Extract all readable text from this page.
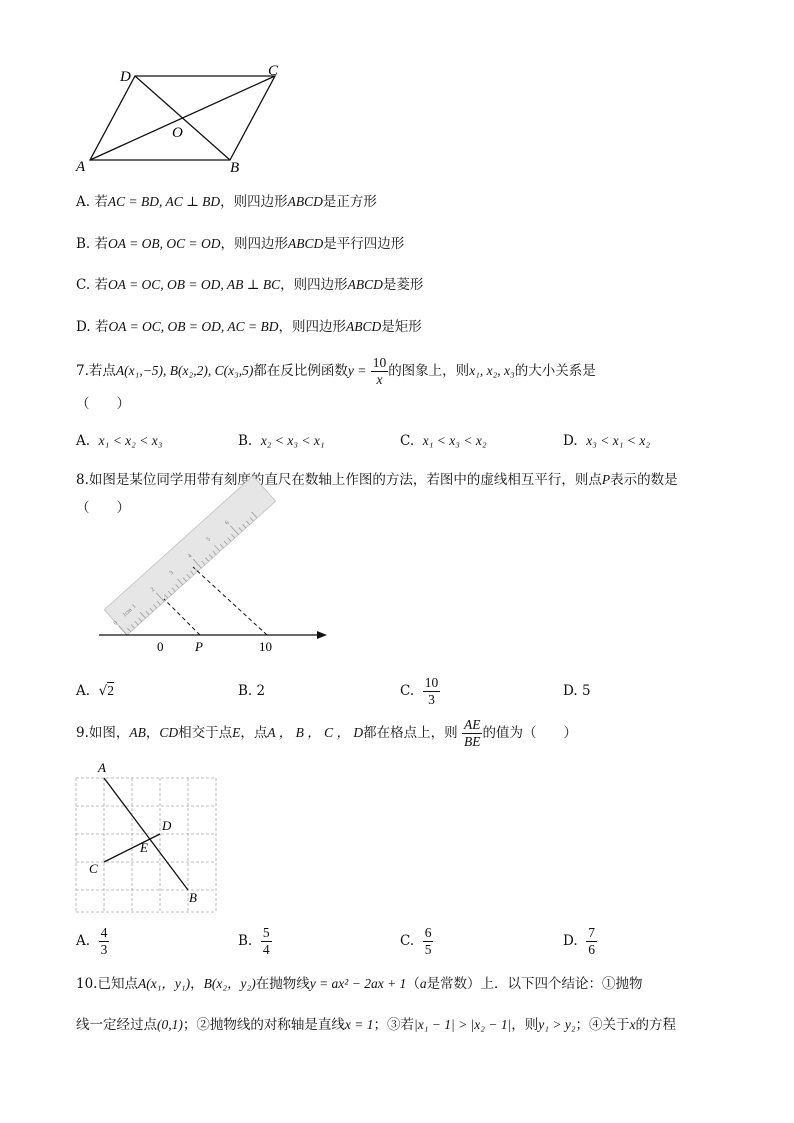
D	C
O
A	B
A. 若AC = BD, AC ⊥ BD，则四边形ABCD是正方形
B. 若OA = OB, OC = OD，则四边形ABCD是平行四边形
C. 若OA = OC, OB = OD, AB ⊥ BC，则四边形ABCD是菱形
D. 若OA = OC, OB = OD, AC = BD，则四边形ABCD是矩形
7.若点A(x₁,−5), B(x₂,2), C(x₃,5)都在反比例函数$y = \frac{10}{x}$ 的图象上，则x₁, x₂, x₃的大小关系是
（　　）
A. x₁ < x₂ < x₃	B. x₂ < x₃ < x₁	C. x₁ < x₃ < x₂	D. x₃ < x₁ < x₂
8.如图是某位同学用带有刻度的直尺在数轴上作图的方法，若图中的虚线相互平行，则点P表示的数是
（　　）
0
1cm
1
2
3
4
5
6
0 P	10
A. √2	B. 2	C. $\frac{10}{3}$	D. 5
9.如图，AB，CD相交于点E，点A ， B ， C ， D都在格点上，则 $\frac{AE}{BE}$ 的值为（　　）
A
D
E
C
B
A. $\frac{4}{3}$	B. $\frac{5}{4}$	C. $\frac{6}{5}$	D. $\frac{7}{6}$
10.已知点A(x₁，y₁)，B(x₂，y₂)在抛物线y = ax² − 2ax + 1（a是常数）上．以下四个结论：①抛物
线一定经过点(0,1)；②抛物线的对称轴是直线x = 1；③若|x₁ − 1| > |x₂ − 1|，则y₁ > y₂；④关于x的方程
